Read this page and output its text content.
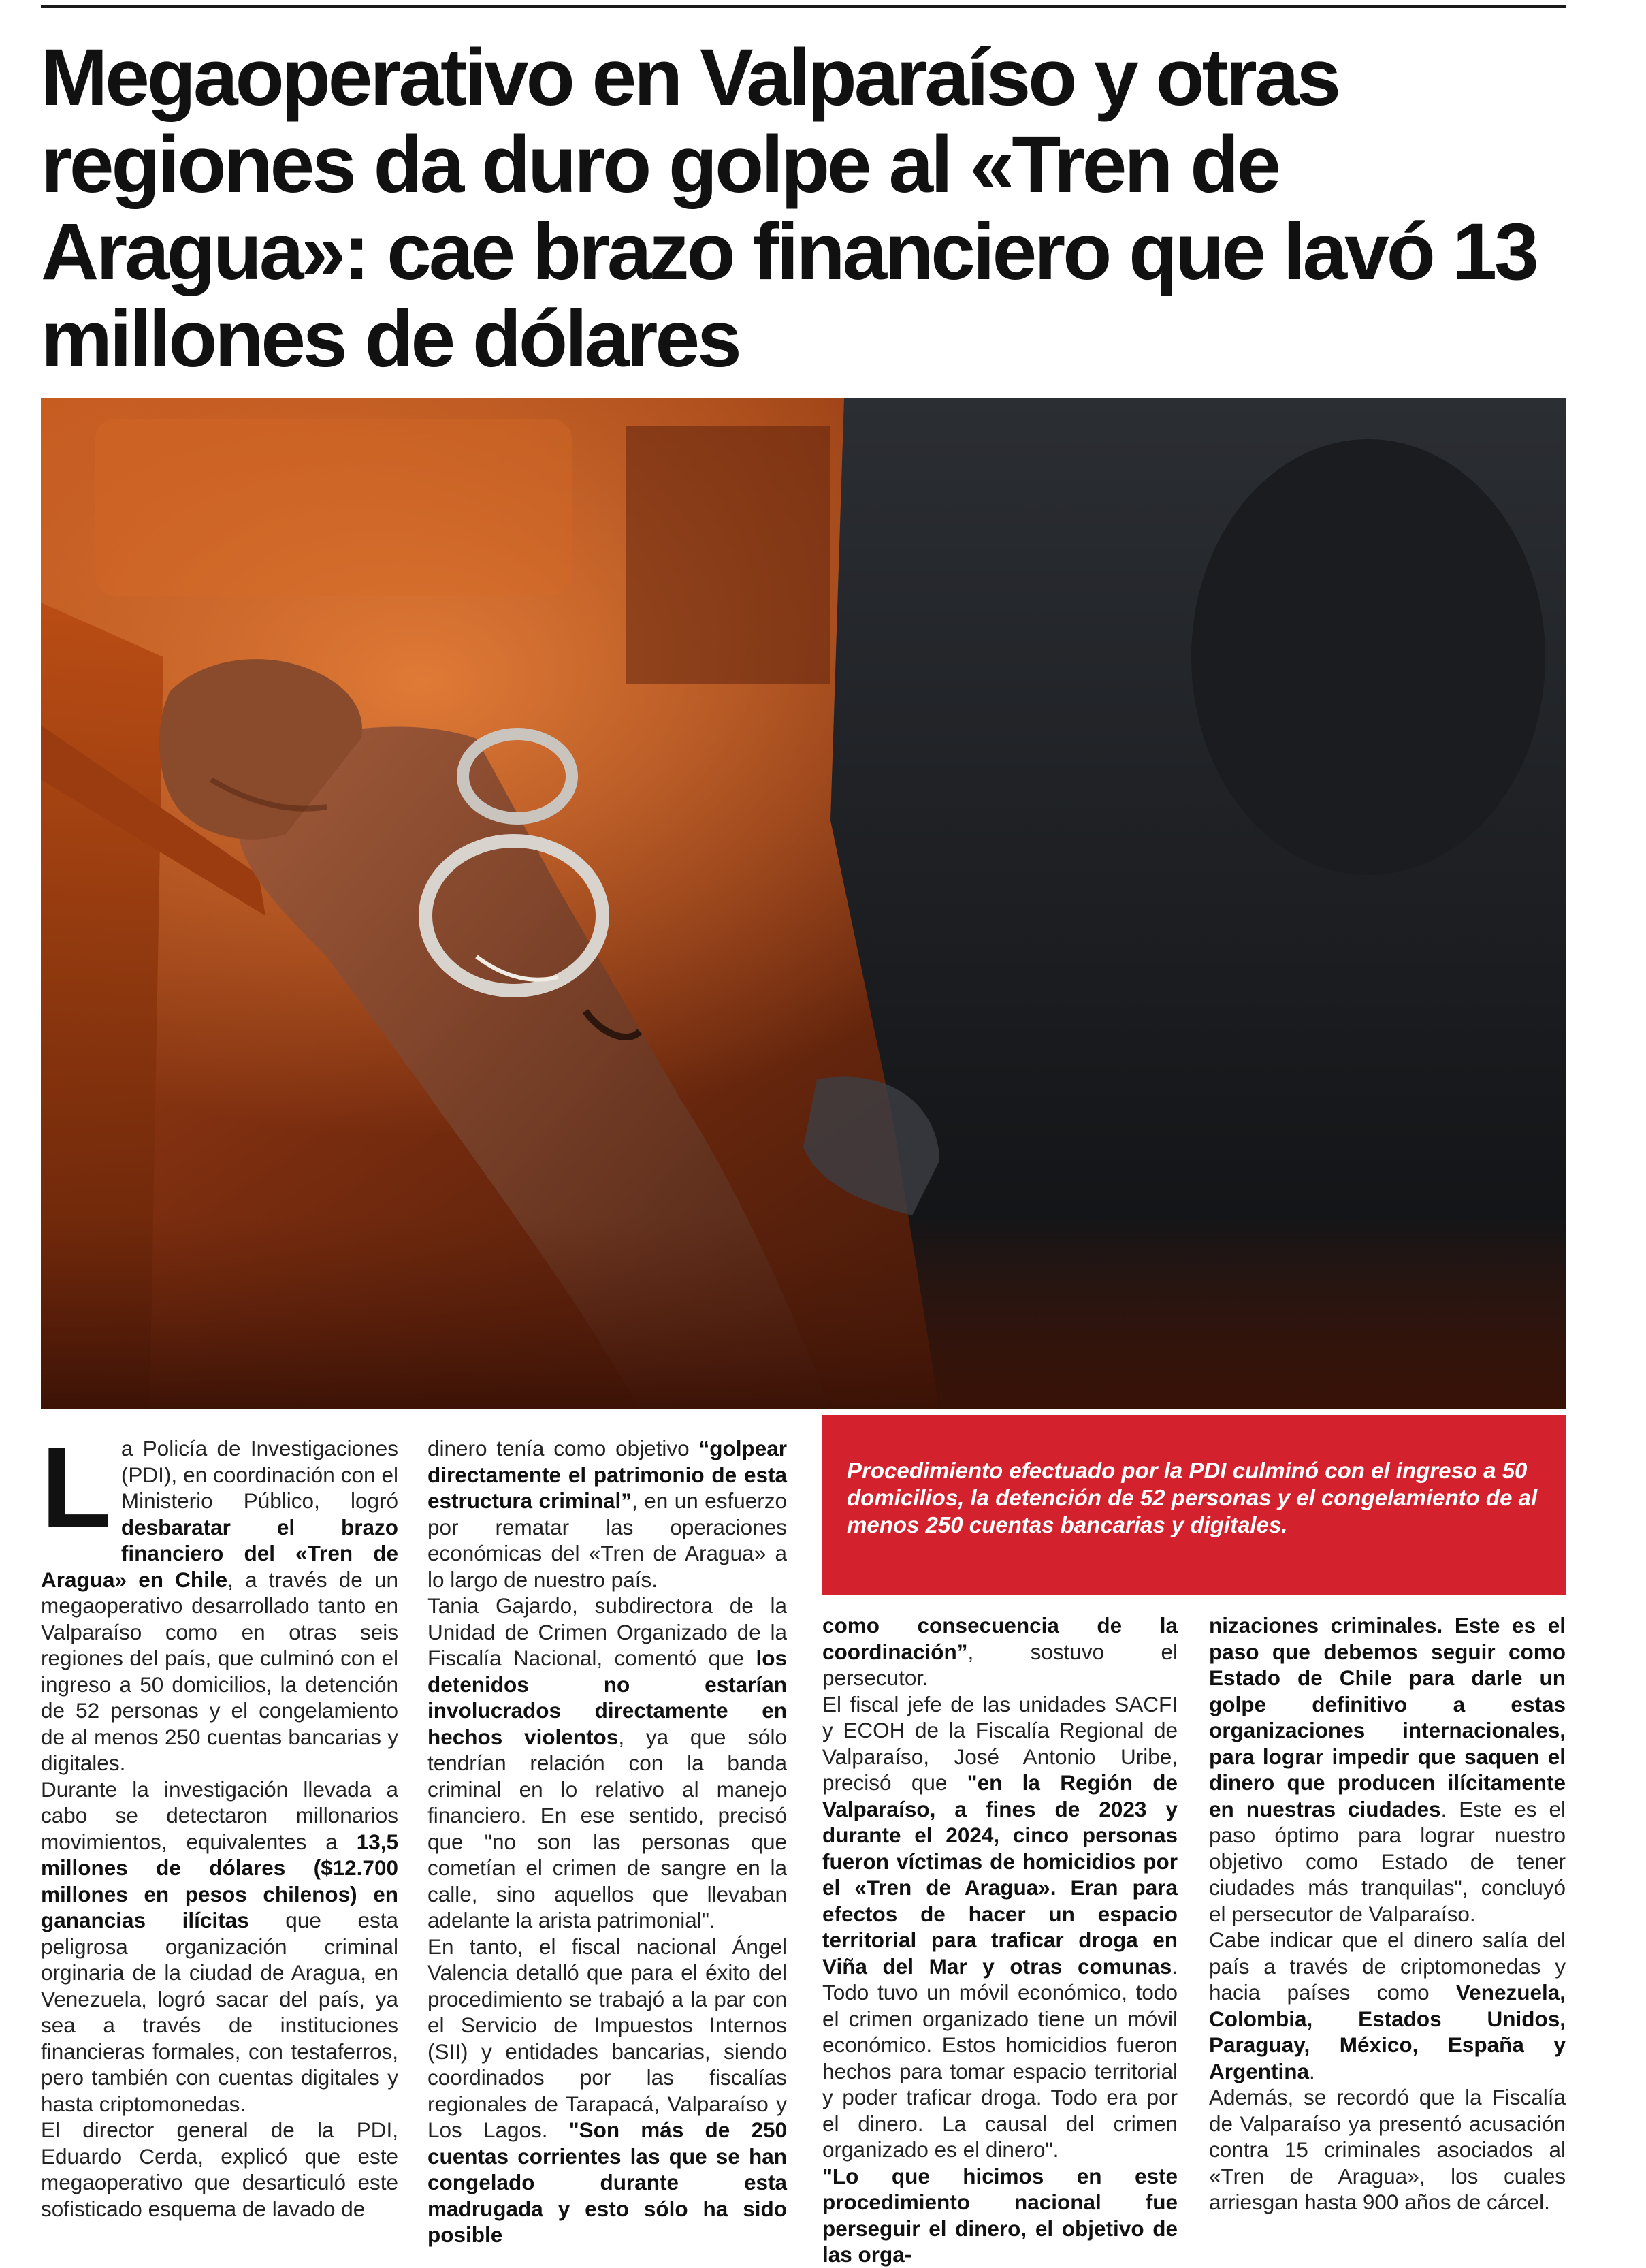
Megaoperativo en Valparaíso y otras regiones da duro golpe al «Tren de Aragua»: cae brazo financiero que lavó 13 millones de dólares
L a Policía de Investigaciones (PDI), en coordinación con el Ministerio Público, logró desbaratar el brazo financiero del «Tren de Aragua» en Chile, a través de un megaoperativo desarrollado tanto en Valparaíso como en otras seis regiones del país, que culminó con el ingreso a 50 domicilios, la detención de 52 personas y el congelamiento de al menos 250 cuentas bancarias y digitales.

Durante la investigación llevada a cabo se detectaron millonarios movimientos, equivalentes a 13,5 millones de dólares ($12.700 millones en pesos chilenos) en ganancias ilícitas que esta peligrosa organización criminal orginaria de la ciudad de Aragua, en Venezuela, logró sacar del país, ya sea a través de instituciones financieras formales, con testaferros, pero también con cuentas digitales y hasta criptomonedas.

El director general de la PDI, Eduardo Cerda, explicó que este megaoperativo que desarticuló este sofisticado esquema de lavado de

dinero tenía como objetivo “golpear directamente el patrimonio de esta estructura criminal”, en un esfuerzo por rematar las operaciones económicas del «Tren de Aragua» a lo largo de nuestro país.

Tania Gajardo, subdirectora de la Unidad de Crimen Organizado de la Fiscalía Nacional, comentó que los detenidos no estarían involucrados directamente en hechos violentos, ya que sólo tendrían relación con la banda criminal en lo relativo al manejo financiero. En ese sentido, precisó que "no son las personas que cometían el crimen de sangre en la calle, sino aquellos que llevaban adelante la arista patrimonial".

En tanto, el fiscal nacional Ángel Valencia detalló que para el éxito del procedimiento se trabajó a la par con el Servicio de Impuestos Internos (SII) y entidades bancarias, siendo coordinados por las fiscalías regionales de Tarapacá, Valparaíso y Los Lagos. "Son más de 250 cuentas corrientes las que se han congelado durante esta madrugada y esto sólo ha sido posible

Procedimiento efectuado por la PDI culminó con el ingreso a 50 domicilios, la detención de 52 personas y el congelamiento de al menos 250 cuentas bancarias y digitales.

como consecuencia de la coordinación”, sostuvo el persecutor.

El fiscal jefe de las unidades SACFI y ECOH de la Fiscalía Regional de Valparaíso, José Antonio Uribe, precisó que "en la Región de Valparaíso, a fines de 2023 y durante el 2024, cinco personas fueron víctimas de homicidios por el «Tren de Aragua». Eran para efectos de hacer un espacio territorial para traficar droga en Viña del Mar y otras comunas. Todo tuvo un móvil económico, todo el crimen organizado tiene un móvil económico. Estos homicidios fueron hechos para tomar espacio territorial y poder traficar droga. Todo era por el dinero. La causal del crimen organizado es el dinero".

"Lo que hicimos en este procedimiento nacional fue perseguir el dinero, el objetivo de las orga-

nizaciones criminales. Este es el paso que debemos seguir como Estado de Chile para darle un golpe definitivo a estas organizaciones internacionales, para lograr impedir que saquen el dinero que producen ilícitamente en nuestras ciudades. Este es el paso óptimo para lograr nuestro objetivo como Estado de tener ciudades más tranquilas", concluyó el persecutor de Valparaíso.

Cabe indicar que el dinero salía del país a través de criptomonedas y hacia países como Venezuela, Colombia, Estados Unidos, Paraguay, México, España y Argentina.

Además, se recordó que la Fiscalía de Valparaíso ya presentó acusación contra 15 criminales asociados al «Tren de Aragua», los cuales arriesgan hasta 900 años de cárcel.
